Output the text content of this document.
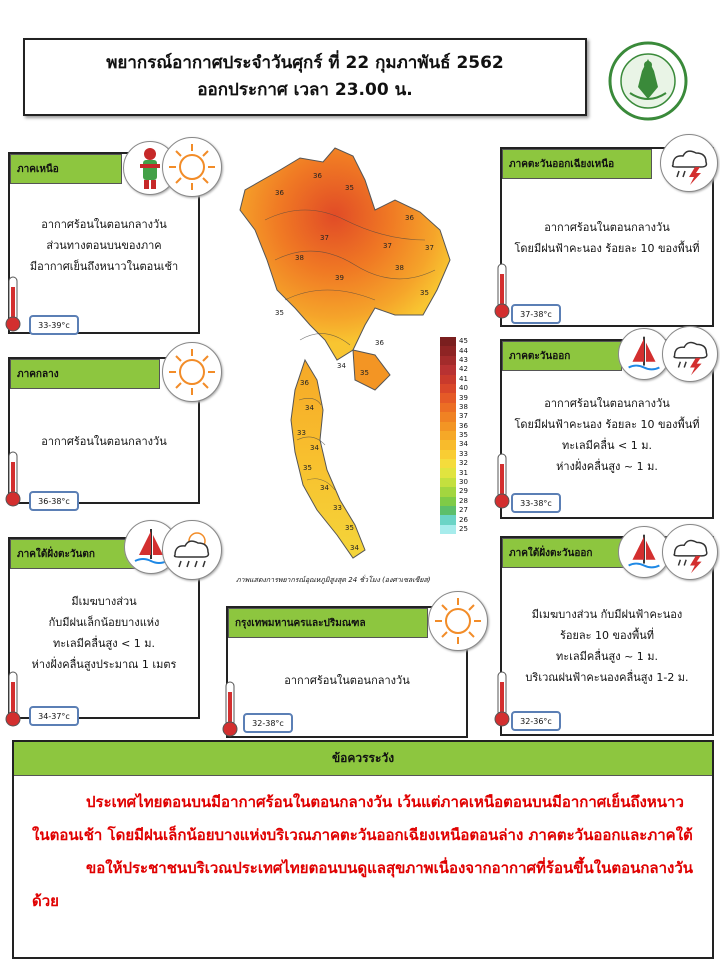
พยากรณ์อากาศประจำวันศุกร์ ที่ 22 กุมภาพันธ์ 2562
ออกประกาศ เวลา 23.00 น.
ภาคเหนือ
อากาศร้อนในตอนกลางวัน
ส่วนทางตอนบนของภาค
มีอากาศเย็นถึงหนาวในตอนเช้า
33-39°c
ภาคกลาง
อากาศร้อนในตอนกลางวัน
36-38°c
ภาคใต้ฝั่งตะวันตก
มีเมฆบางส่วน
กับมีฝนเล็กน้อยบางแห่ง
ทะเลมีคลื่นสูง < 1 ม.
ห่างฝั่งคลื่นสูงประมาณ 1 เมตร
34-37°c
กรุงเทพมหานครและปริมณฑล
อากาศร้อนในตอนกลางวัน
32-38°c
ภาคตะวันออกเฉียงเหนือ
อากาศร้อนในตอนกลางวัน
โดยมีฝนฟ้าคะนอง ร้อยละ 10 ของพื้นที่
37-38°c
ภาคตะวันออก
อากาศร้อนในตอนกลางวัน
โดยมีฝนฟ้าคะนอง ร้อยละ 10 ของพื้นที่
ทะเลมีคลื่น < 1 ม.
ห่างฝั่งคลื่นสูง ~ 1 ม.
33-38°c
ภาคใต้ฝั่งตะวันออก
มีเมฆบางส่วน กับมีฝนฟ้าคะนอง
ร้อยละ 10 ของพื้นที่
ทะเลมีคลื่นสูง ~ 1 ม.
บริเวณฝนฟ้าคะนองคลื่นสูง 1-2 ม.
32-36°c
36
36
35
37
38
39
38
37
35
35
36
34
35
36
37
34
33
34
35
34
33
35
34
36
45
44
43
42
41
40
39
38
37
36
35
34
33
32
31
30
29
28
27
26
25
ภาพแสดงการพยากรณ์อุณหภูมิสูงสุด 24 ชั่วโมง (องศาเซลเซียส)
ข้อควรระวัง

ประเทศไทยตอนบนมีอากาศร้อนในตอนกลางวัน เว้นแต่ภาคเหนือตอนบนมีอากาศเย็นถึงหนาวในตอนเช้า โดยมีฝนเล็กน้อยบางแห่งบริเวณภาคตะวันออกเฉียงเหนือตอนล่าง ภาคตะวันออกและภาคใต้

ขอให้ประชาชนบริเวณประเทศไทยตอนบนดูแลสุขภาพเนื่องจากอากาศที่ร้อนขึ้นในตอนกลางวันด้วย
